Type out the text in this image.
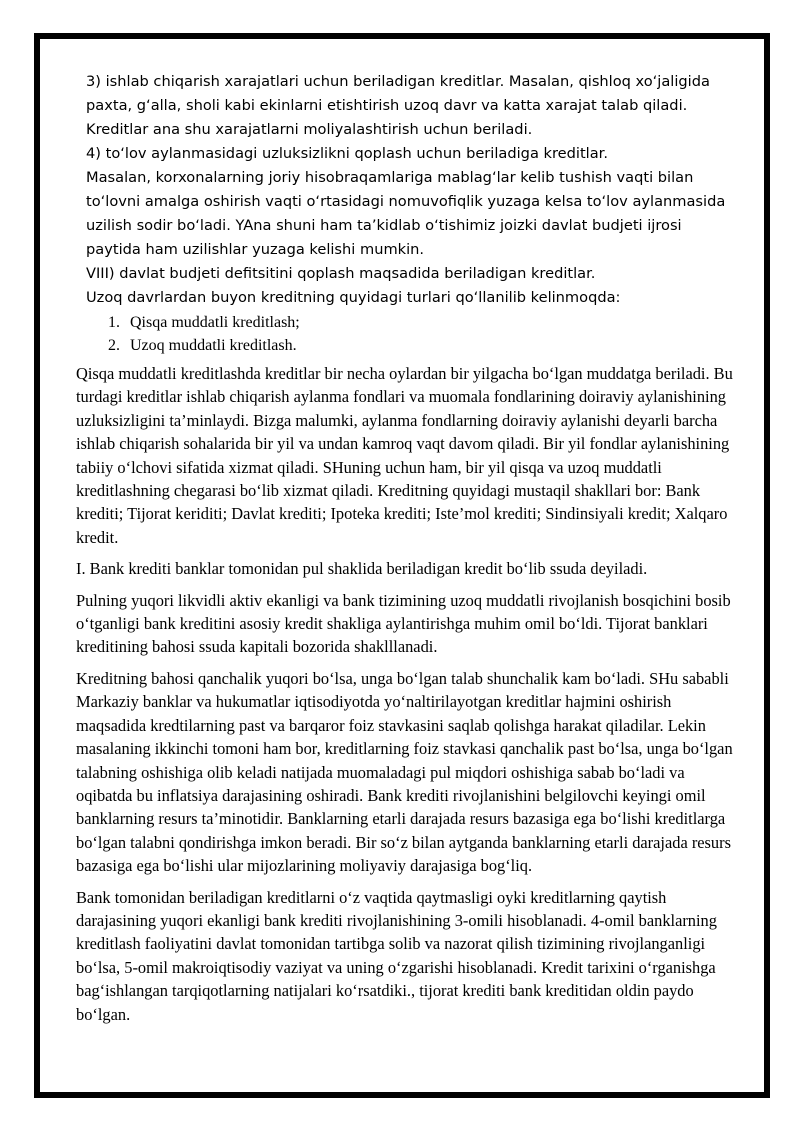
3) ishlab chiqarish xarajatlari uchun beriladigan kreditlar. Masalan, qishloq xo‘jaligida

paxta, g‘alla, sholi kabi ekinlarni etishtirish uzoq davr va katta xarajat talab qiladi.

Kreditlar ana shu xarajatlarni moliyalashtirish uchun beriladi.

4) to‘lov aylanmasidagi uzluksizlikni qoplash uchun beriladiga kreditlar.

Masalan, korxonalarning joriy hisobraqamlariga mablag‘lar kelib tushish vaqti bilan

to‘lovni amalga oshirish vaqti o‘rtasidagi nomuvofiqlik yuzaga kelsa to‘lov aylanmasida

uzilish sodir bo‘ladi. YAna shuni ham ta’kidlab o‘tishimiz joizki davlat budjeti ijrosi

paytida ham uzilishlar yuzaga kelishi mumkin.

VIII) davlat budjeti defitsitini qoplash maqsadida beriladigan kreditlar.

Uzoq davrlardan buyon kreditning quyidagi turlari qo‘llanilib kelinmoqda:

1. Qisqa muddatli kreditlash;
2. Uzoq muddatli kreditlash.

Qisqa muddatli kreditlashda kreditlar bir necha oylardan bir yilgacha bo‘lgan muddatga beriladi. Bu turdagi kreditlar ishlab chiqarish aylanma fondlari va muomala fondlarining doiraviy aylanishining uzluksizligini ta’minlaydi. Bizga malumki, aylanma fondlarning doiraviy aylanishi deyarli barcha ishlab chiqarish sohalarida bir yil va undan kamroq vaqt davom qiladi. Bir yil fondlar aylanishining tabiiy o‘lchovi sifatida xizmat qiladi. SHuning uchun ham, bir yil qisqa va uzoq muddatli kreditlashning chegarasi bo‘lib xizmat qiladi. Kreditning quyidagi mustaqil shakllari bor: Bank krediti; Tijorat keriditi; Davlat krediti; Ipoteka krediti; Iste’mol krediti; Sindinsiyali kredit; Xalqaro kredit.

I. Bank krediti banklar tomonidan pul shaklida beriladigan kredit bo‘lib ssuda deyiladi.

Pulning yuqori likvidli aktiv ekanligi va bank tizimining uzoq muddatli rivojlanish bosqichini bosib o‘tganligi bank kreditini asosiy kredit shakliga aylantirishga muhim omil bo‘ldi. Tijorat banklari kreditining bahosi ssuda kapitali bozorida shaklllanadi.

Kreditning bahosi qanchalik yuqori bo‘lsa, unga bo‘lgan talab shunchalik kam bo‘ladi. SHu sababli Markaziy banklar va hukumatlar iqtisodiyotda yo‘naltirilayotgan kreditlar hajmini oshirish maqsadida kredtilarning past va barqaror foiz stavkasini saqlab qolishga harakat qiladilar. Lekin masalaning ikkinchi tomoni ham bor, kreditlarning foiz stavkasi qanchalik past bo‘lsa, unga bo‘lgan talabning oshishiga olib keladi natijada muomaladagi pul miqdori oshishiga sabab bo‘ladi va oqibatda bu inflatsiya darajasining oshiradi. Bank krediti rivojlanishini belgilovchi keyingi omil banklarning resurs ta’minotidir. Banklarning etarli darajada resurs bazasiga ega bo‘lishi kreditlarga bo‘lgan talabni qondirishga imkon beradi. Bir so‘z bilan aytganda banklarning etarli darajada resurs bazasiga ega bo‘lishi ular mijozlarining moliyaviy darajasiga bog‘liq.

Bank tomonidan beriladigan kreditlarni o‘z vaqtida qaytmasligi oyki kreditlarning qaytish darajasining yuqori ekanligi bank krediti rivojlanishining 3-omili hisoblanadi. 4-omil banklarning kreditlash faoliyatini davlat tomonidan tartibga solib va nazorat qilish tizimining rivojlanganligi bo‘lsa, 5-omil makroiqtisodiy vaziyat va uning o‘zgarishi hisoblanadi. Kredit tarixini o‘rganishga bag‘ishlangan tarqiqotlarning natijalari ko‘rsatdiki., tijorat krediti bank kreditidan oldin paydo bo‘lgan.
